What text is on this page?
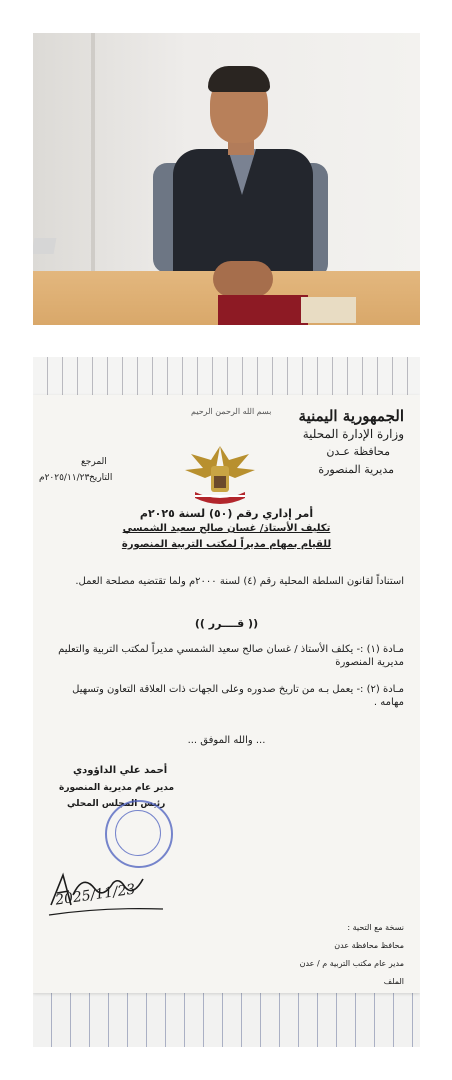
الجمهورية اليمنية
وزارة الإدارة المحلية
محافظة عـدن
مديرية المنصورة
بسم الله الرحمن الرحيم
المرجع
التاريخ
٢٠٢٥/١١/٢٣م
أمر إداري رقم (٥٠) لسنة ٢٠٢٥م
تكليف الأستاذ/ غسان صالح سعيد الشمسي
للقيام بمهام مديراً لمكتب التربية المنصورة
استناداً لقانون السلطة المحلية رقم (٤) لسنة ٢٠٠٠م ولما تقتضيه مصلحة العمل.
(( قــــرر ))
مـادة (١) :- يكلف الأستاذ / غسان صالح سعيد الشمسي مديراً لمكتب التربية والتعليم مديرية المنصورة
مـادة (٢) :- يعمل بـه من تاريخ صدوره وعلى الجهات ذات العلاقة التعاون وتسهيل مهامه .
... والله الموفق ...
أحمد علي الداؤودي
مدير عام مديرية المنصورة
رئيس المجلس المحلي
2025/11/23
نسخة مع التحية :
محافظ محافظة عدن
مدير عام مكتب التربية م / عدن
الملف
